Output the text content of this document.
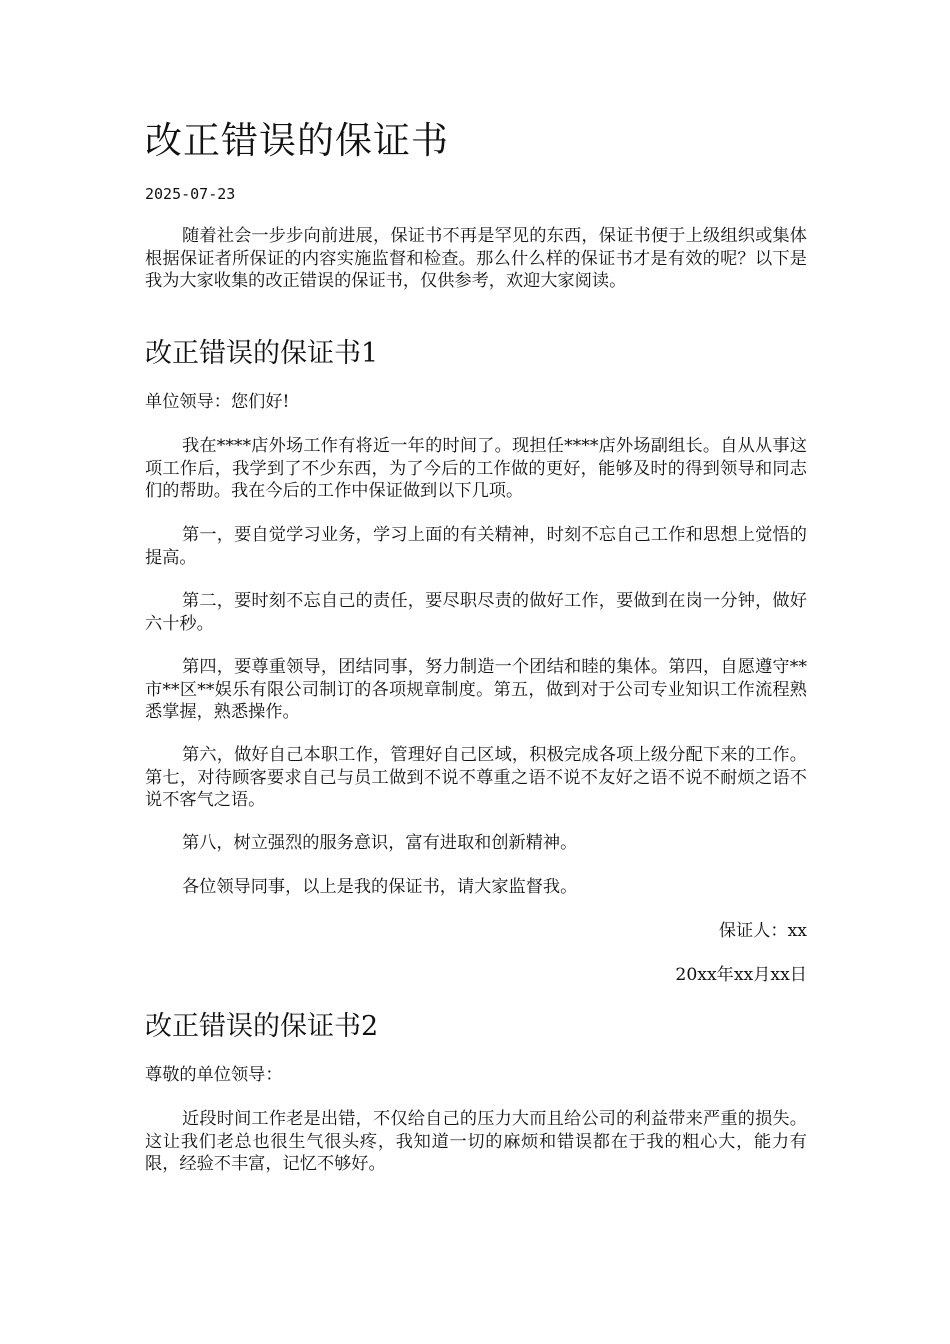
改正错误的保证书
2025-07-23

随着社会一步步向前进展，保证书不再是罕见的东西，保证书便于上级组织或集体根据保证者所保证的内容实施监督和检查。那么什么样的保证书才是有效的呢？以下是我为大家收集的改正错误的保证书，仅供参考，欢迎大家阅读。

改正错误的保证书1

单位领导：您们好!

我在****店外场工作有将近一年的时间了。现担任****店外场副组长。自从从事这项工作后，我学到了不少东西，为了今后的工作做的更好，能够及时的得到领导和同志们的帮助。我在今后的工作中保证做到以下几项。

第一，要自觉学习业务，学习上面的有关精神，时刻不忘自己工作和思想上觉悟的提高。

第二，要时刻不忘自己的责任，要尽职尽责的做好工作，要做到在岗一分钟，做好六十秒。

第四，要尊重领导，团结同事，努力制造一个团结和睦的集体。第四，自愿遵守**市**区**娱乐有限公司制订的各项规章制度。第五，做到对于公司专业知识工作流程熟悉掌握，熟悉操作。

第六，做好自己本职工作，管理好自己区域，积极完成各项上级分配下来的工作。第七，对待顾客要求自己与员工做到不说不尊重之语不说不友好之语不说不耐烦之语不说不客气之语。

第八，树立强烈的服务意识，富有进取和创新精神。

各位领导同事，以上是我的保证书，请大家监督我。

保证人：xx

20xx年xx月xx日

改正错误的保证书2

尊敬的单位领导：

近段时间工作老是出错，不仅给自己的压力大而且给公司的利益带来严重的损失。这让我们老总也很生气很头疼，我知道一切的麻烦和错误都在于我的粗心大，能力有限，经验不丰富，记忆不够好。
